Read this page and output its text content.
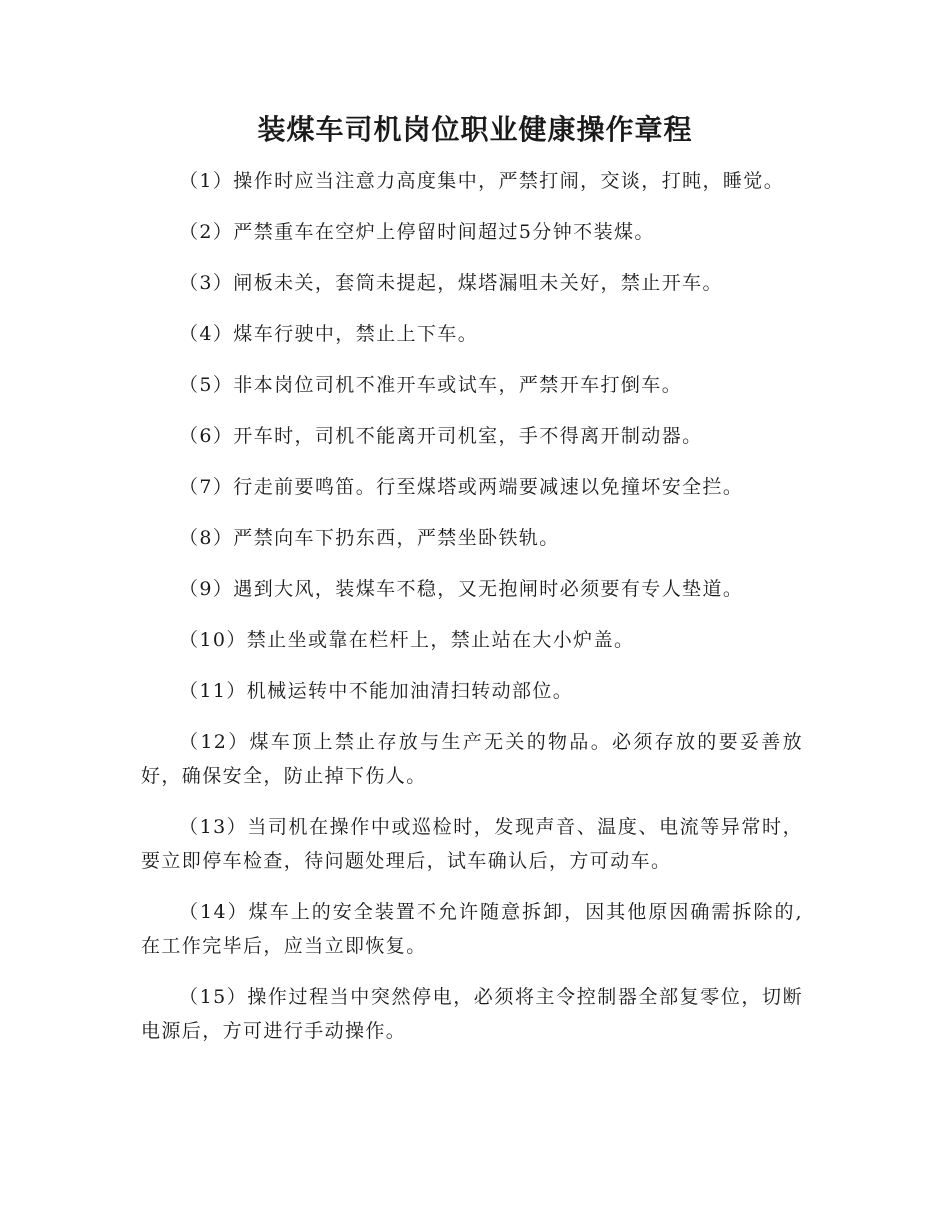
装煤车司机岗位职业健康操作章程

（1）操作时应当注意力高度集中，严禁打闹，交谈，打盹，睡觉。

（2）严禁重车在空炉上停留时间超过5分钟不装煤。

（3）闸板未关，套筒未提起，煤塔漏咀未关好，禁止开车。

（4）煤车行驶中，禁止上下车。

（5）非本岗位司机不准开车或试车，严禁开车打倒车。

（6）开车时，司机不能离开司机室，手不得离开制动器。

（7）行走前要鸣笛。行至煤塔或两端要减速以免撞坏安全拦。

（8）严禁向车下扔东西，严禁坐卧铁轨。

（9）遇到大风，装煤车不稳，又无抱闸时必须要有专人垫道。

（10）禁止坐或靠在栏杆上，禁止站在大小炉盖。

（11）机械运转中不能加油清扫转动部位。

（12）煤车顶上禁止存放与生产无关的物品。必须存放的要妥善放好，确保安全，防止掉下伤人。

（13）当司机在操作中或巡检时，发现声音、温度、电流等异常时，要立即停车检查，待问题处理后，试车确认后，方可动车。

（14）煤车上的安全装置不允许随意拆卸，因其他原因确需拆除的,在工作完毕后，应当立即恢复。

（15）操作过程当中突然停电，必须将主令控制器全部复零位，切断电源后，方可进行手动操作。
